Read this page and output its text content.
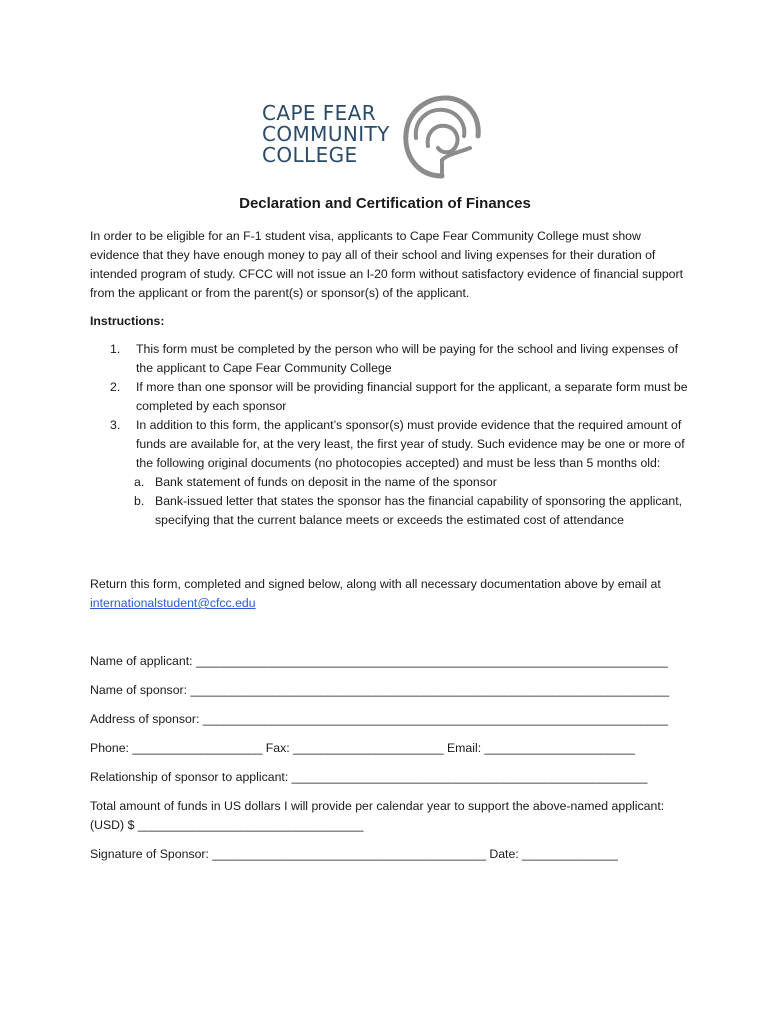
CAPE FEAR
COMMUNITY
COLLEGE
Declaration and Certification of Finances
In order to be eligible for an F-1 student visa, applicants to Cape Fear Community College must show evidence that they have enough money to pay all of their school and living expenses for their duration of intended program of study. CFCC will not issue an I-20 form without satisfactory evidence of financial support from the applicant or from the parent(s) or sponsor(s) of the applicant.
Instructions:
1. This form must be completed by the person who will be paying for the school and living expenses of the applicant to Cape Fear Community College
2. If more than one sponsor will be providing financial support for the applicant, a separate form must be completed by each sponsor
3. In addition to this form, the applicant’s sponsor(s) must provide evidence that the required amount of funds are available for, at the very least, the first year of study. Such evidence may be one or more of the following original documents (no photocopies accepted) and must be less than 5 months old:
a. Bank statement of funds on deposit in the name of the sponsor
b. Bank-issued letter that states the sponsor has the financial capability of sponsoring the applicant, specifying that the current balance meets or exceeds the estimated cost of attendance
Return this form, completed and signed below, along with all necessary documentation above by email at internationalstudent@cfcc.edu
Name of applicant: _____________________________________________________________________
Name of sponsor: ______________________________________________________________________
Address of sponsor: ____________________________________________________________________
Phone: ___________________ Fax: ______________________ Email: ______________________
Relationship of sponsor to applicant: ____________________________________________________
Total amount of funds in US dollars I will provide per calendar year to support the above-named applicant: (USD) $ _________________________________
Signature of Sponsor: ________________________________________ Date: ______________
